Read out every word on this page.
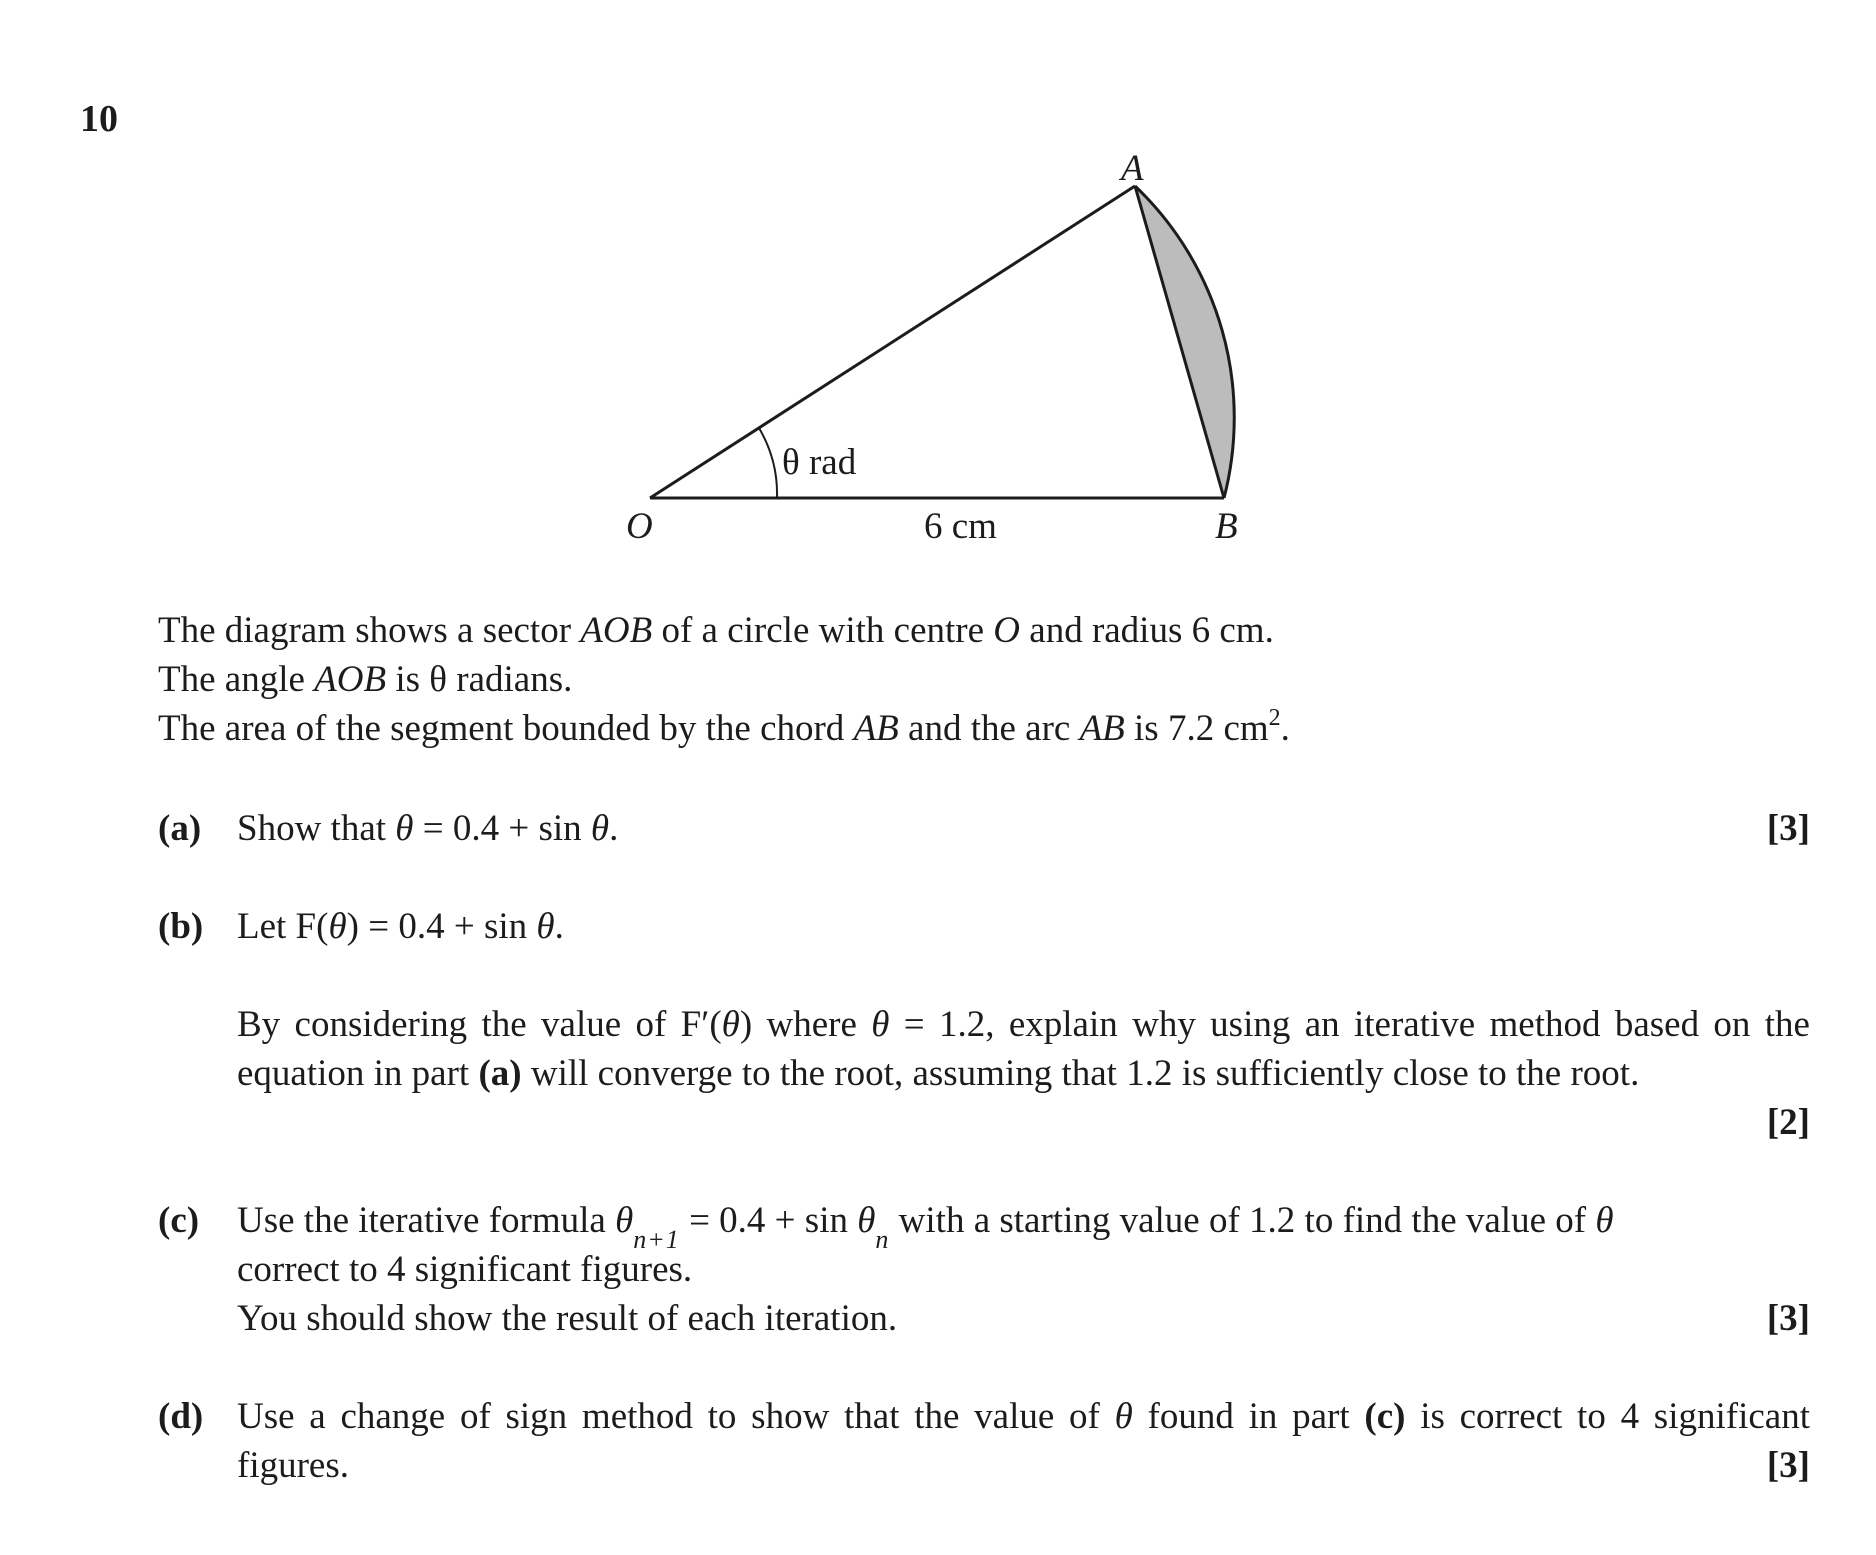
10
A
O	B
θ rad
6 cm
The diagram shows a sector AOB of a circle with centre O and radius 6 cm.
The angle AOB is θ radians.
The area of the segment bounded by the chord AB and the arc AB is 7.2 $cm^2$.
(a) Show that θ = 0.4 + sin θ.	[3]
(b) Let F(θ) = 0.4 + sin θ.
By considering the value of F′(θ) where θ = 1.2, explain why using an iterative method based on the equation in part (a) will converge to the root, assuming that 1.2 is sufficiently close to the root.
[2]
(c) Use the iterative formula $\theta_{n+1} = 0.4 + \sin \theta_n$ with a starting value of 1.2 to find the value of θ
correct to 4 significant figures.
You should show the result of each iteration.	[3]
(d) Use a change of sign method to show that the value of θ found in part (c) is correct to 4 significant figures.	[3]
